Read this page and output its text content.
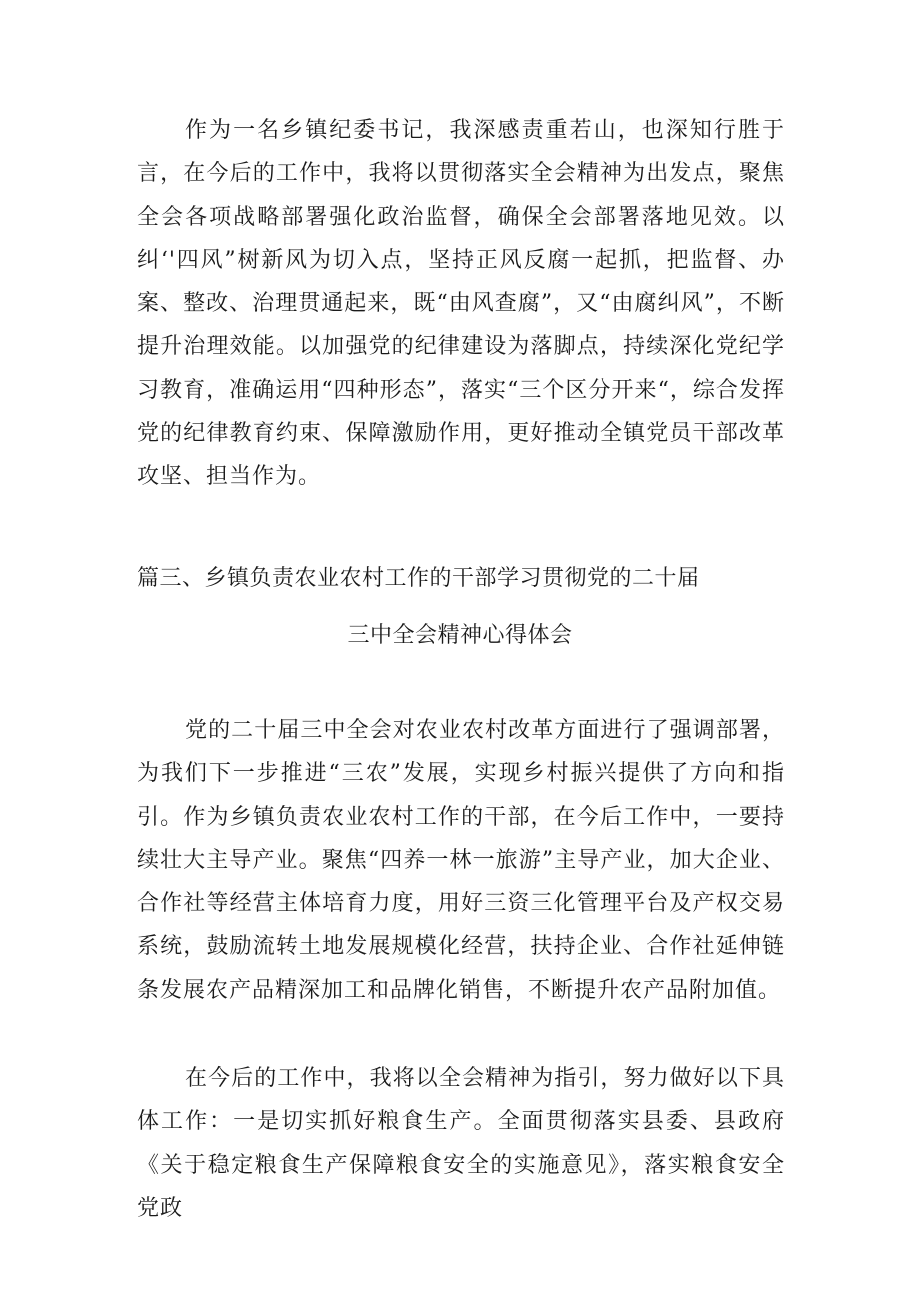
作为一名乡镇纪委书记，我深感责重若山，也深知行胜于言，在今后的工作中，我将以贯彻落实全会精神为出发点，聚焦全会各项战略部署强化政治监督，确保全会部署落地见效。以纠‘'四风”树新风为切入点，坚持正风反腐一起抓，把监督、办案、整改、治理贯通起来，既“由风查腐”，又“由腐纠风”，不断提升治理效能。以加强党的纪律建设为落脚点，持续深化党纪学习教育，准确运用“四种形态”，落实“三个区分开来“，综合发挥党的纪律教育约束、保障激励作用，更好推动全镇党员干部改革攻坚、担当作为。

篇三、乡镇负责农业农村工作的干部学习贯彻党的二十届
三中全会精神心得体会

党的二十届三中全会对农业农村改革方面进行了强调部署，为我们下一步推进“三农”发展，实现乡村振兴提供了方向和指引。作为乡镇负责农业农村工作的干部，在今后工作中，一要持续壮大主导产业。聚焦“四养一林一旅游”主导产业，加大企业、合作社等经营主体培育力度，用好三资三化管理平台及产权交易系统，鼓励流转土地发展规模化经营，扶持企业、合作社延伸链条发展农产品精深加工和品牌化销售，不断提升农产品附加值。

在今后的工作中，我将以全会精神为指引，努力做好以下具体工作：一是切实抓好粮食生产。全面贯彻落实县委、县政府《关于稳定粮食生产保障粮食安全的实施意见》，落实粮食安全党政
